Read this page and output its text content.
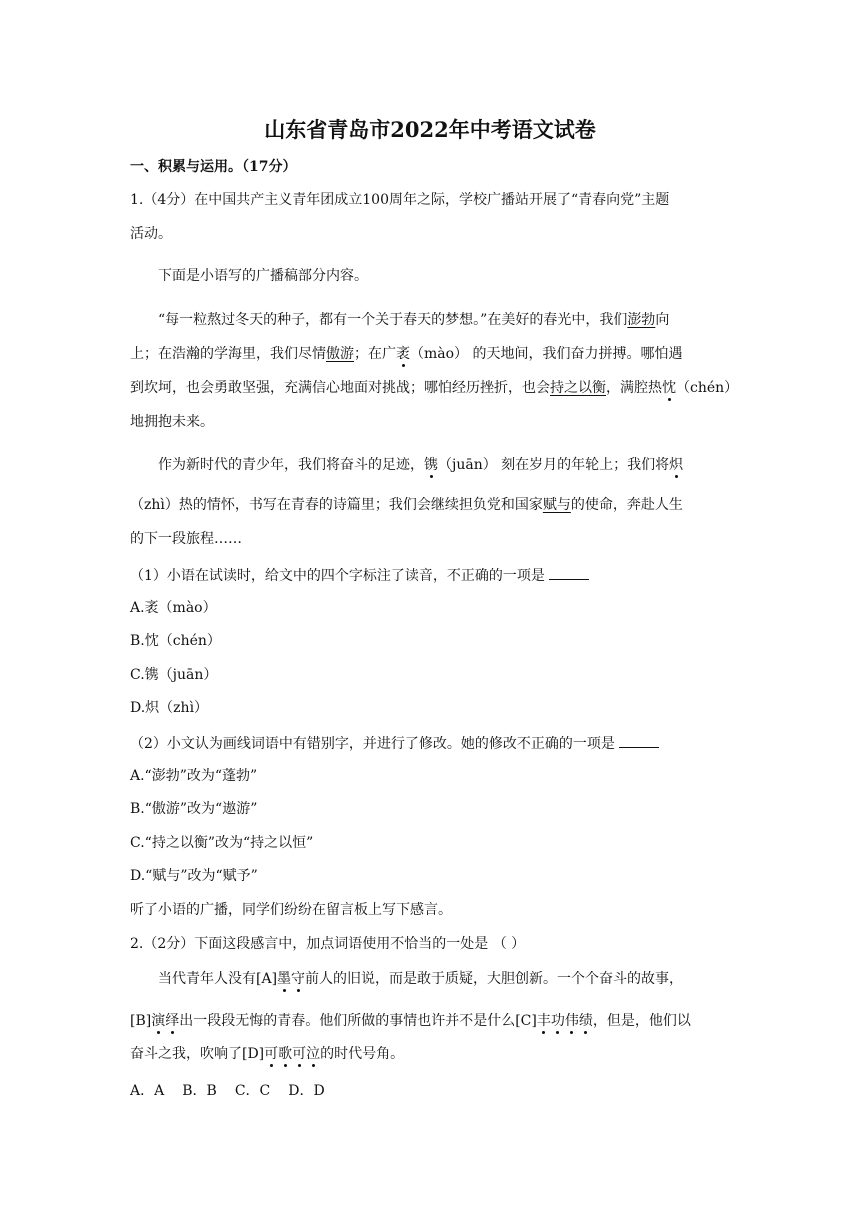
山东省青岛市2022年中考语文试卷
一、积累与运用。（17分）
1.（4分）在中国共产主义青年团成立100周年之际，学校广播站开展了“青春向党”主题
活动。
下面是小语写的广播稿部分内容。
“每一粒熬过冬天的种子，都有一个关于春天的梦想。”在美好的春光中，我们澎勃向
上；在浩瀚的学海里，我们尽情傲游；在广袤（mào） 的天地间，我们奋力拼搏。哪怕遇
到坎坷，也会勇敢坚强，充满信心地面对挑战；哪怕经历挫折，也会持之以衡，满腔热忱（chén）
地拥抱未来。
作为新时代的青少年，我们将奋斗的足迹，镌（juān） 刻在岁月的年轮上；我们将炽
（zhì）热的情怀，书写在青春的诗篇里；我们会继续担负党和国家赋与的使命，奔赴人生
的下一段旅程……
（1）小语在试读时，给文中的四个字标注了读音，不正确的一项是
A.袤（mào）
B.忱（chén）
C.镌（juān）
D.炽（zhì）
（2）小文认为画线词语中有错别字，并进行了修改。她的修改不正确的一项是
A.“澎勃”改为“蓬勃”
B.“傲游”改为“遨游”
C.“持之以衡”改为“持之以恒”
D.“赋与”改为“赋予”
听了小语的广播，同学们纷纷在留言板上写下感言。
2.（2分）下面这段感言中，加点词语使用不恰当的一处是 （ ）
当代青年人没有[A]墨守前人的旧说，而是敢于质疑，大胆创新。一个个奋斗的故事，
[B]演绎出一段段无悔的青春。他们所做的事情也许并不是什么[C]丰功伟绩，但是，他们以
奋斗之我，吹响了[D]可歌可泣的时代号角。
A．A B．B C．C D．D
